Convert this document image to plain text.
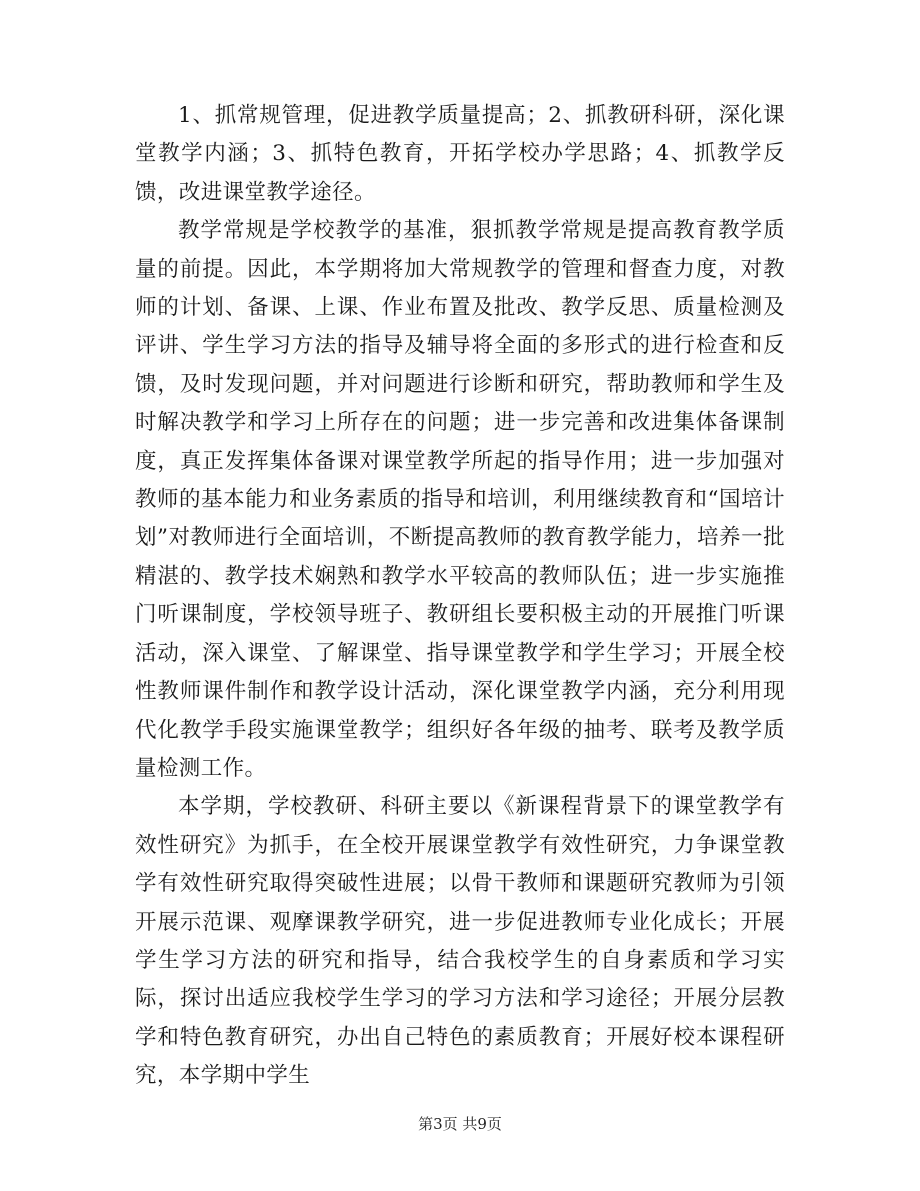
1、抓常规管理，促进教学质量提高；2、抓教研科研，深化课堂教学内涵；3、抓特色教育，开拓学校办学思路；4、抓教学反馈，改进课堂教学途径。

教学常规是学校教学的基准，狠抓教学常规是提高教育教学质量的前提。因此，本学期将加大常规教学的管理和督查力度，对教师的计划、备课、上课、作业布置及批改、教学反思、质量检测及评讲、学生学习方法的指导及辅导将全面的多形式的进行检查和反馈，及时发现问题，并对问题进行诊断和研究，帮助教师和学生及时解决教学和学习上所存在的问题；进一步完善和改进集体备课制度，真正发挥集体备课对课堂教学所起的指导作用；进一步加强对教师的基本能力和业务素质的指导和培训，利用继续教育和“国培计划”对教师进行全面培训，不断提高教师的教育教学能力，培养一批精湛的、教学技术娴熟和教学水平较高的教师队伍；进一步实施推门听课制度，学校领导班子、教研组长要积极主动的开展推门听课活动，深入课堂、了解课堂、指导课堂教学和学生学习；开展全校性教师课件制作和教学设计活动，深化课堂教学内涵，充分利用现代化教学手段实施课堂教学；组织好各年级的抽考、联考及教学质量检测工作。

本学期，学校教研、科研主要以《新课程背景下的课堂教学有效性研究》为抓手，在全校开展课堂教学有效性研究，力争课堂教学有效性研究取得突破性进展；以骨干教师和课题研究教师为引领开展示范课、观摩课教学研究，进一步促进教师专业化成长；开展学生学习方法的研究和指导，结合我校学生的自身素质和学习实际，探讨出适应我校学生学习的学习方法和学习途径；开展分层教学和特色教育研究，办出自己特色的素质教育；开展好校本课程研究，本学期中学生

第3页 共9页
